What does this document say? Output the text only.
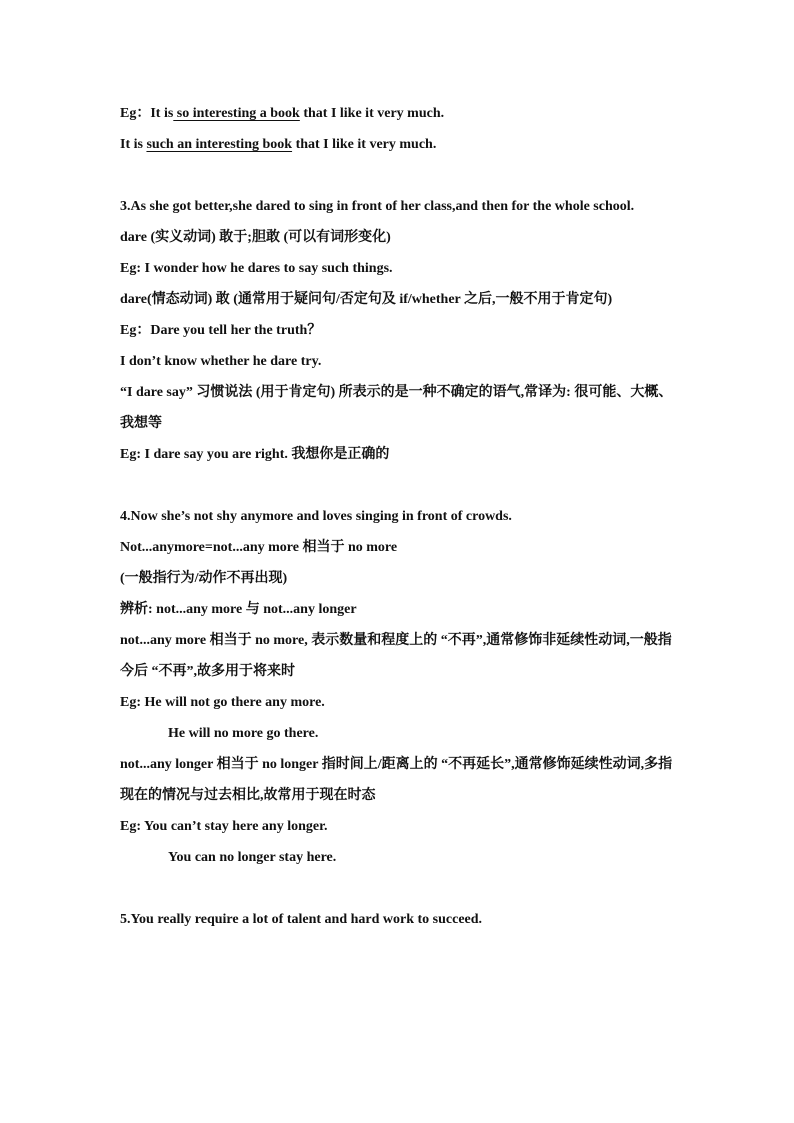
Eg：It is so interesting a book that I like it very much.
It is such an interesting book that I like it very much.
3.As she got better,she dared to sing in front of her class,and then for the whole school.
dare (实义动词) 敢于;胆敢 (可以有词形变化)
Eg: I wonder how he dares to say such things.
dare(情态动词) 敢 (通常用于疑问句/否定句及 if/whether 之后,一般不用于肯定句)
Eg：Dare you tell her the truth？
I don’t know whether he dare try.
“I dare say” 习惯说法 (用于肯定句) 所表示的是一种不确定的语气,常译为: 很可能、大概、我想等
Eg: I dare say you are right. 我想你是正确的
4.Now she’s not shy anymore and loves singing in front of crowds.
Not...anymore=not...any more 相当于 no more
(一般指行为/动作不再出现)
辨析: not...any more 与 not...any longer
not...any more 相当于 no more, 表示数量和程度上的 “不再”,通常修饰非延续性动词,一般指今后 “不再”,故多用于将来时
Eg: He will not go there any more.
He will no more go there.
not...any longer 相当于 no longer 指时间上/距离上的 “不再延长”,通常修饰延续性动词,多指现在的情况与过去相比,故常用于现在时态
Eg: You can’t stay here any longer.
You can no longer stay here.
5.You really require a lot of talent and hard work to succeed.
